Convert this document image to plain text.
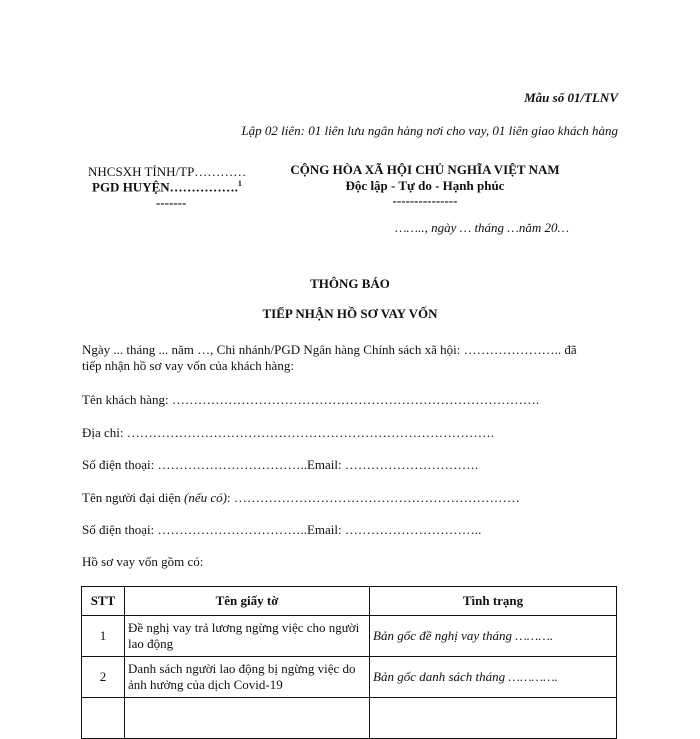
Mẫu số 01/TLNV
Lập 02 liên: 01 liên lưu ngân hàng nơi cho vay, 01 liên giao khách hàng
NHCSXH TỈNH/TP…………
PGD HUYỆN…………….$^1$
-------
CỘNG HÒA XÃ HỘI CHỦ NGHĨA VIỆT NAM
Độc lập - Tự do - Hạnh phúc
---------------
…….., ngày … tháng …năm 20…
THÔNG BÁO
TIẾP NHẬN HỒ SƠ VAY VỐN
Ngày ... tháng ... năm …, Chi nhánh/PGD Ngân hàng Chính sách xã hội: ………………….. đã
tiếp nhận hồ sơ vay vốn của khách hàng:
Tên khách hàng: ………………………………………………………………………….
Địa chỉ: ………………………………………………………………………….
Số điện thoại: ……………………………..Email: ………………………….
Tên người đại diện (nếu có): …………………………………………………………
Số điện thoại: ……………………………..Email: …………………………..
Hồ sơ vay vốn gồm có:
STT	Tên giấy tờ	Tình trạng
1	Đề nghị vay trả lương ngừng việc cho người lao động	Bản gốc đề nghị vay tháng ……….
2	Danh sách người lao động bị ngừng việc do ảnh hưởng của dịch Covid-19	Bản gốc danh sách tháng ………….
